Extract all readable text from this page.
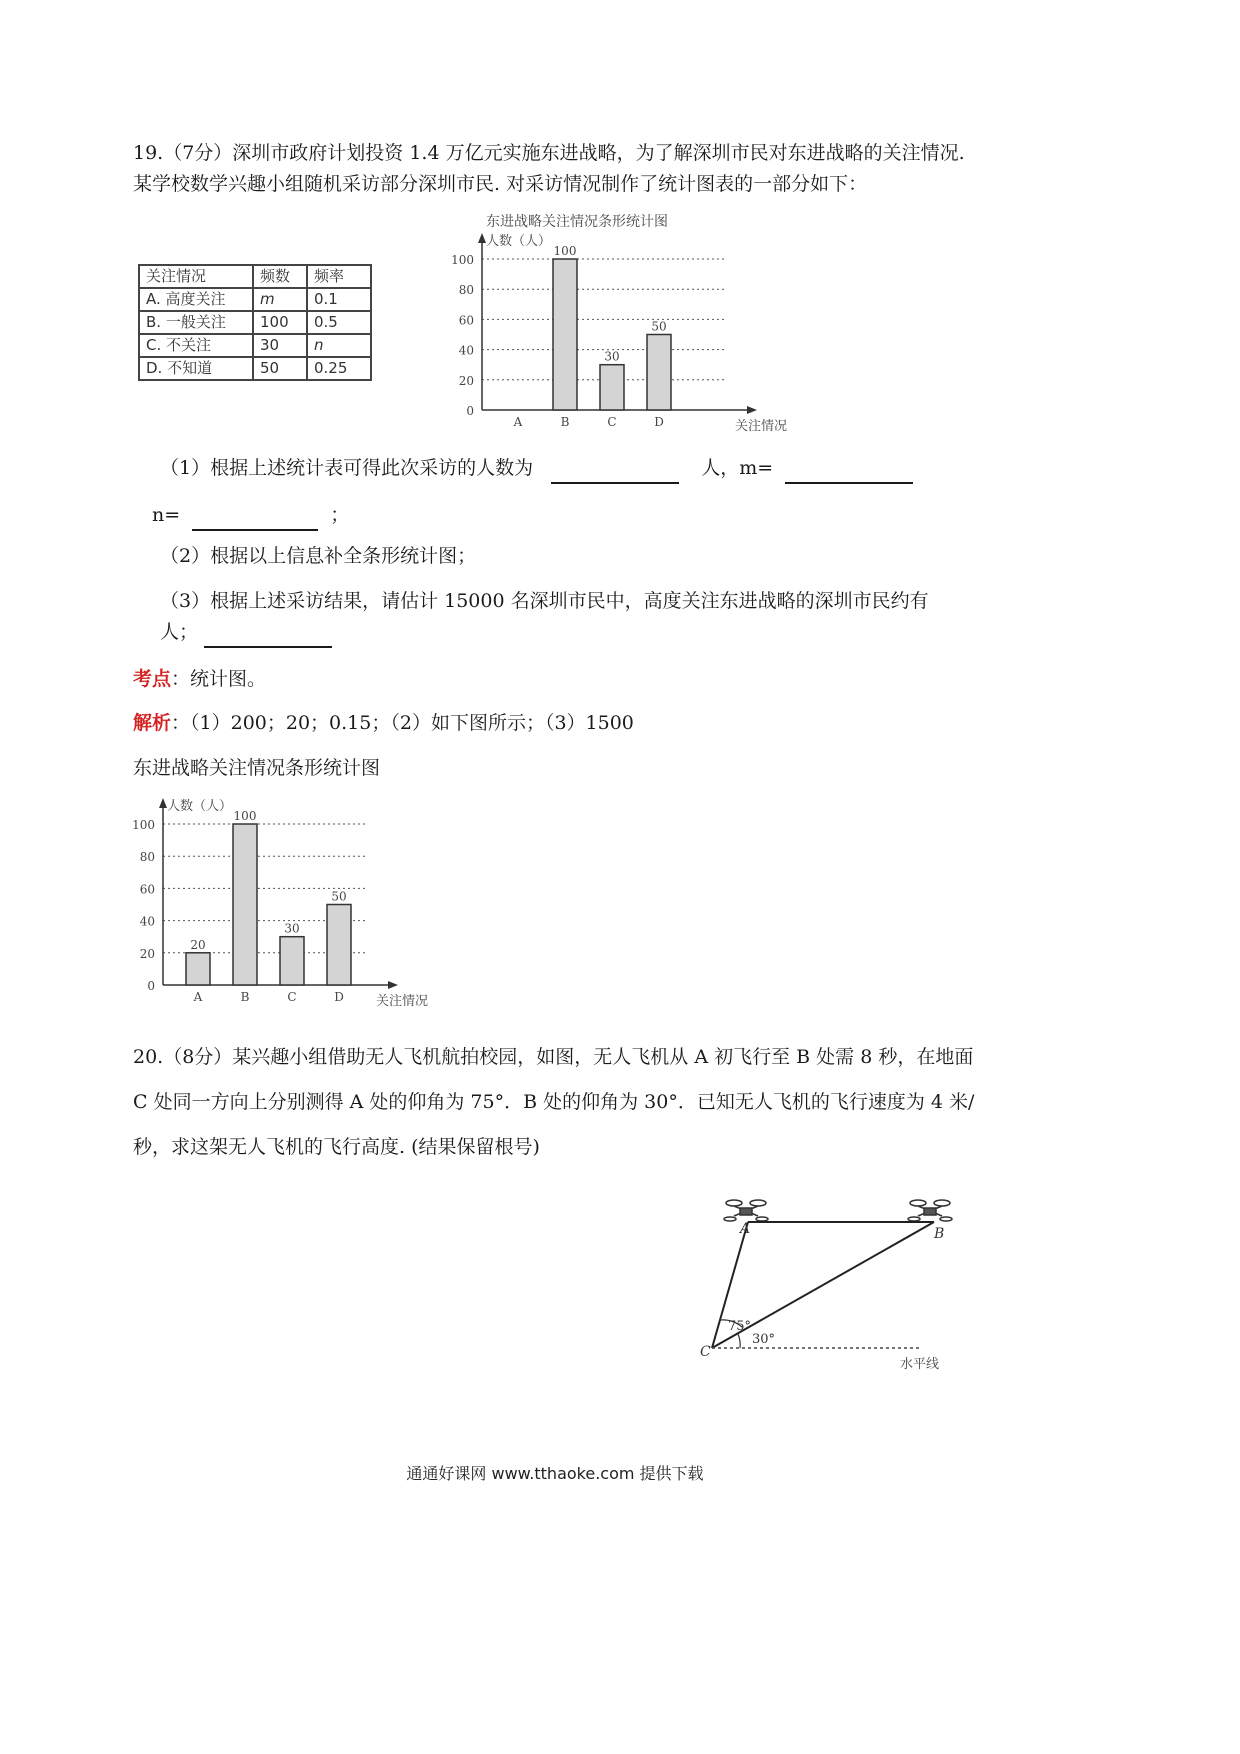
19.（7分）深圳市政府计划投资 1.4 万亿元实施东进战略，为了解深圳市民对东进战略的关注情况.
某学校数学兴趣小组随机采访部分深圳市民. 对采访情况制作了统计图表的一部分如下：
关注情况	频数	频率
A. 高度关注	m	0.1
B. 一般关注	100	0.5
C. 不关注	30	n
D. 不知道	50	0.25
东进战略关注情况条形统计图
0
20
40
60
80
100
人数（人）
关注情况
A	B
100
C
30
D
50
（1）根据上述统计表可得此次采访的人数为	人，m=
n=	；
（2）根据以上信息补全条形统计图；
（3）根据上述采访结果，请估计 15000 名深圳市民中，高度关注东进战略的深圳市民约有
人；
考点：统计图。
解析：（1）200；20；0.15；（2）如下图所示；（3）1500
东进战略关注情况条形统计图
0
20
40
60
80
100
人数（人）
关注情况
A
20
B
100
C
30
D
50
20.（8分）某兴趣小组借助无人飞机航拍校园，如图，无人飞机从 A 初飞行至 B 处需 8 秒，在地面
C 处同一方向上分别测得 A 处的仰角为 75°．B 处的仰角为 30°．已知无人飞机的飞行速度为 4 米/
秒，求这架无人飞机的飞行高度. (结果保留根号)
A	B
C
75°
30°
水平线
通通好课网 www.tthaoke.com 提供下载
